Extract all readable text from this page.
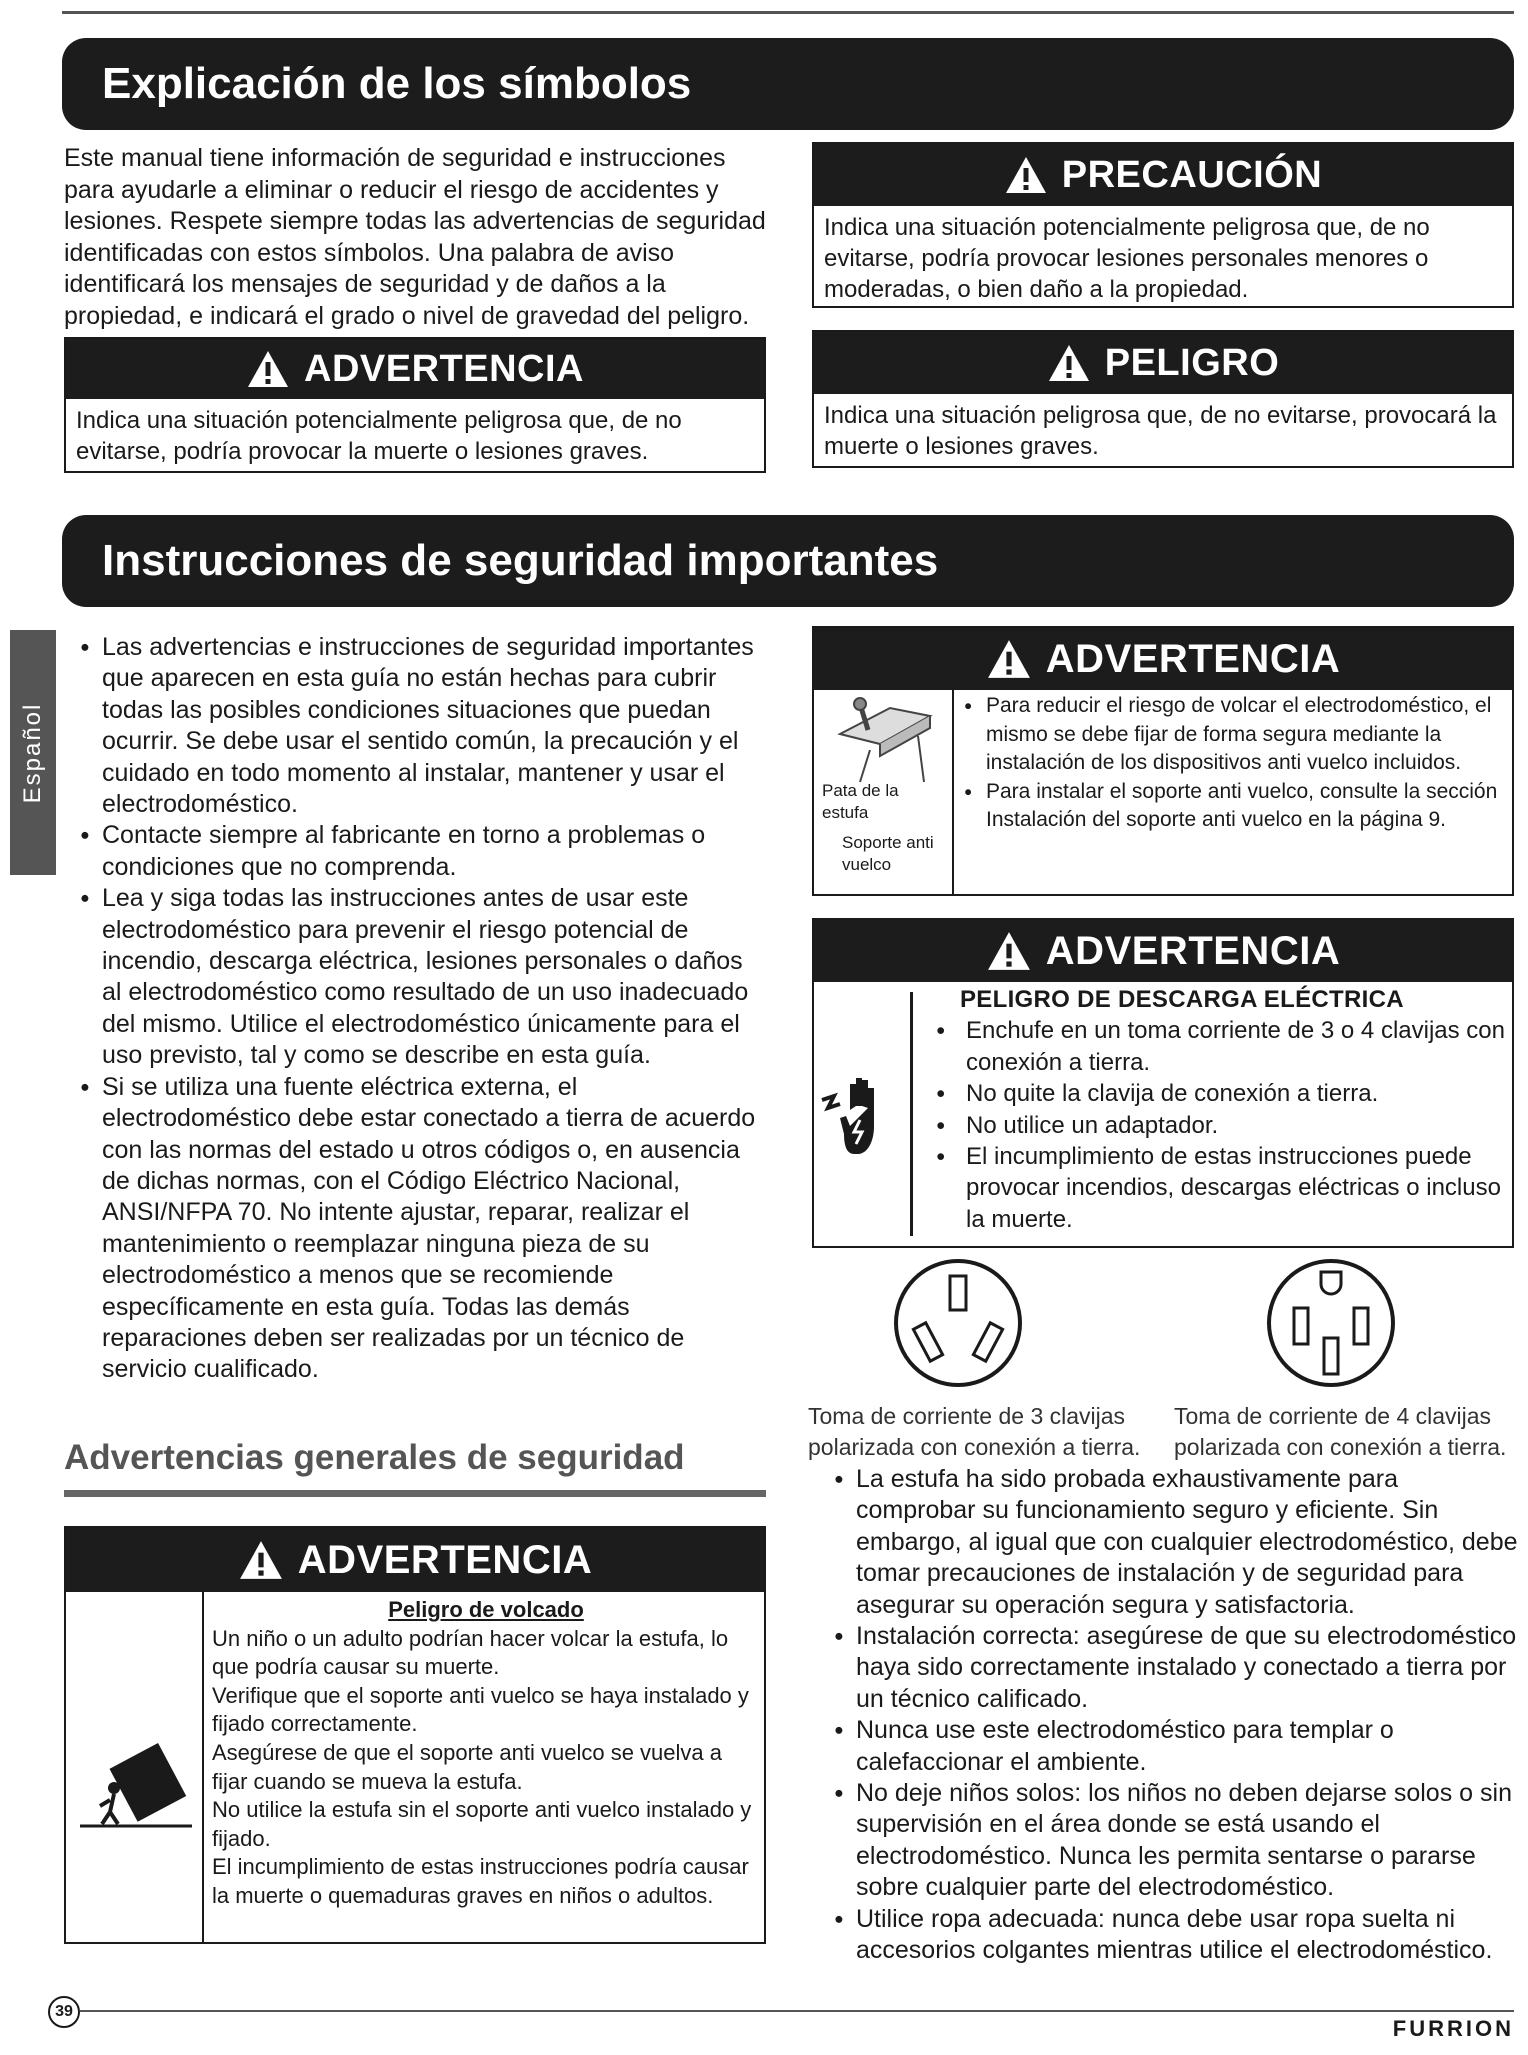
Explicación de los símbolos
Este manual tiene información de seguridad e instrucciones para ayudarle a eliminar o reducir el riesgo de accidentes y lesiones. Respete siempre todas las advertencias de seguridad identificadas con estos símbolos. Una palabra de aviso identificará los mensajes de seguridad y de daños a la propiedad, e indicará el grado o nivel de gravedad del peligro.
ADVERTENCIA
Indica una situación potencialmente peligrosa que, de no evitarse, podría provocar la muerte o lesiones graves.
PRECAUCIÓN
Indica una situación potencialmente peligrosa que, de no evitarse, podría provocar lesiones personales menores o moderadas, o bien daño a la propiedad.
PELIGRO
Indica una situación peligrosa que, de no evitarse, provocará la muerte o lesiones graves.
Instrucciones de seguridad importantes
Español
● Las advertencias e instrucciones de seguridad importantes que aparecen en esta guía no están hechas para cubrir todas las posibles condiciones situaciones que puedan ocurrir. Se debe usar el sentido común, la precaución y el cuidado en todo momento al instalar, mantener y usar el electrodoméstico.
● Contacte siempre al fabricante en torno a problemas o condiciones que no comprenda.
● Lea y siga todas las instrucciones antes de usar este electrodoméstico para prevenir el riesgo potencial de incendio, descarga eléctrica, lesiones personales o daños al electrodoméstico como resultado de un uso inadecuado del mismo. Utilice el electrodoméstico únicamente para el uso previsto, tal y como se describe en esta guía.
● Si se utiliza una fuente eléctrica externa, el electrodoméstico debe estar conectado a tierra de acuerdo con las normas del estado u otros códigos o, en ausencia de dichas normas, con el Código Eléctrico Nacional, ANSI/NFPA 70. No intente ajustar, reparar, realizar el mantenimiento o reemplazar ninguna pieza de su electrodoméstico a menos que se recomiende específicamente en esta guía. Todas las demás reparaciones deben ser realizadas por un técnico de servicio cualificado.
Advertencias generales de seguridad
ADVERTENCIA
Peligro de volcado
Un niño o un adulto podrían hacer volcar la estufa, lo que podría causar su muerte.
Verifique que el soporte anti vuelco se haya instalado y fijado correctamente.
Asegúrese de que el soporte anti vuelco se vuelva a fijar cuando se mueva la estufa.
No utilice la estufa sin el soporte anti vuelco instalado y fijado.
El incumplimiento de estas instrucciones podría causar la muerte o quemaduras graves en niños o adultos.
ADVERTENCIA
Pata de la estufa
Soporte anti vuelco
● Para reducir el riesgo de volcar el electrodoméstico, el mismo se debe fijar de forma segura mediante la instalación de los dispositivos anti vuelco incluidos.
● Para instalar el soporte anti vuelco, consulte la sección Instalación del soporte anti vuelco en la página 9.
ADVERTENCIA
PELIGRO DE DESCARGA ELÉCTRICA
● Enchufe en un toma corriente de 3 o 4 clavijas con conexión a tierra.
● No quite la clavija de conexión a tierra.
● No utilice un adaptador.
● El incumplimiento de estas instrucciones puede provocar incendios, descargas eléctricas o incluso la muerte.
Toma de corriente de 3 clavijas polarizada con conexión a tierra.
Toma de corriente de 4 clavijas polarizada con conexión a tierra.
● La estufa ha sido probada exhaustivamente para comprobar su funcionamiento seguro y eficiente. Sin embargo, al igual que con cualquier electrodoméstico, debe tomar precauciones de instalación y de seguridad para asegurar su operación segura y satisfactoria.
● Instalación correcta: asegúrese de que su electrodoméstico haya sido correctamente instalado y conectado a tierra por un técnico calificado.
● Nunca use este electrodoméstico para templar o calefaccionar el ambiente.
● No deje niños solos: los niños no deben dejarse solos o sin supervisión en el área donde se está usando el electrodoméstico. Nunca les permita sentarse o pararse sobre cualquier parte del electrodoméstico.
● Utilice ropa adecuada: nunca debe usar ropa suelta ni accesorios colgantes mientras utilice el electrodoméstico.
39
FURRION
